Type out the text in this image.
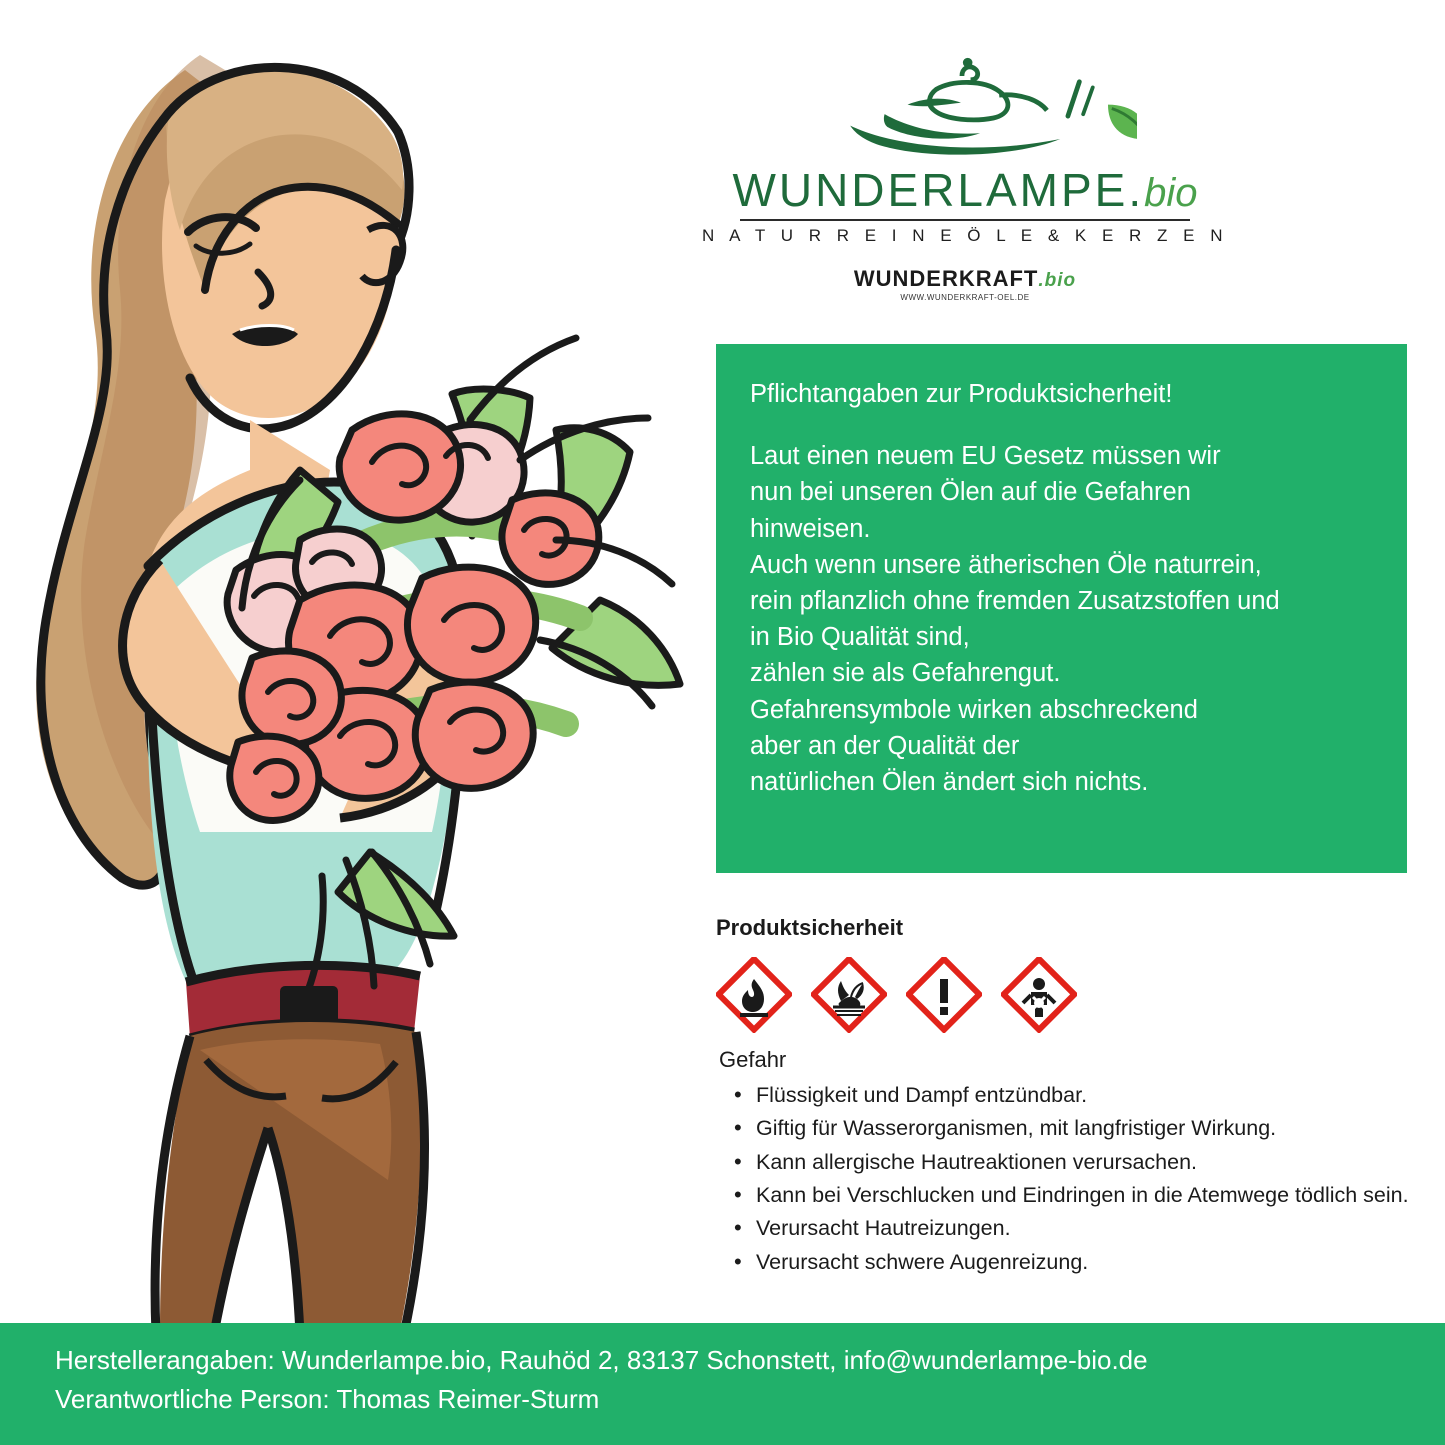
WUNDERLAMPE.bio
N A T U R R E I N E Ö L E & K E R Z E N
WUNDERKRAFT.bio
WWW.WUNDERKRAFT-OEL.DE

Pflichtangaben zur Produktsicherheit!

Laut einen neuem EU Gesetz müssen wir

nun bei unseren Ölen auf die Gefahren

hinweisen.

Auch wenn unsere ätherischen Öle naturrein,

rein pflanzlich ohne fremden Zusatzstoffen und

in Bio Qualität sind,

zählen sie als Gefahrengut.

Gefahrensymbole wirken abschreckend

aber an der Qualität der

natürlichen Ölen ändert sich nichts.

Produktsicherheit
Gefahr
• Flüssigkeit und Dampf entzündbar.
• Giftig für Wasserorganismen, mit langfristiger Wirkung.
• Kann allergische Hautreaktionen verursachen.
• Kann bei Verschlucken und Eindringen in die Atemwege tödlich sein.
• Verursacht Hautreizungen.
• Verursacht schwere Augenreizung.
Herstellerangaben: Wunderlampe.bio, Rauhöd 2, 83137 Schonstett, info@wunderlampe-bio.de
Verantwortliche Person: Thomas Reimer-Sturm
